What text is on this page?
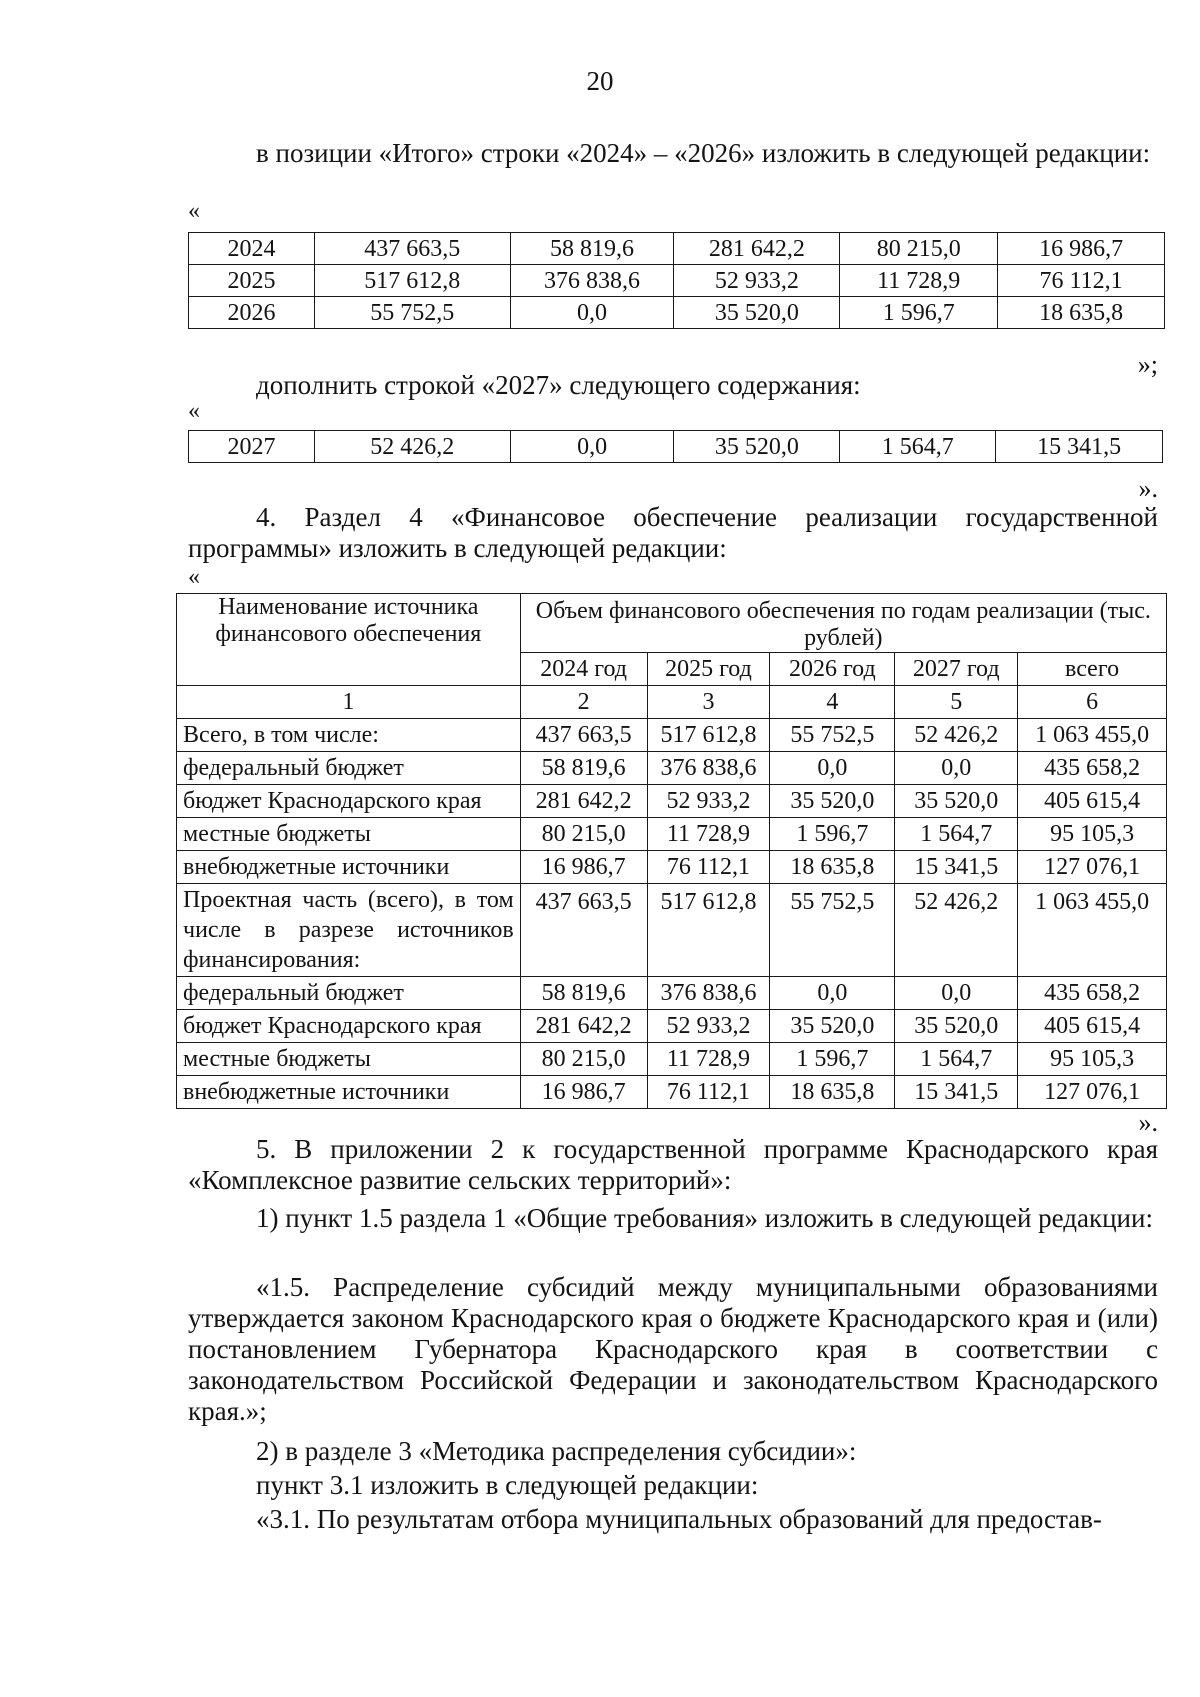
20
в позиции «Итого» строки «2024» – «2026» изложить в следующей редакции:
«
2024	437 663,5	58 819,6	281 642,2	80 215,0	16 986,7
2025	517 612,8	376 838,6	52 933,2	11 728,9	76 112,1
2026	55 752,5	0,0	35 520,0	1 596,7	18 635,8
»;
дополнить строкой «2027» следующего содержания:
«
2027	52 426,2	0,0	35 520,0	1 564,7	15 341,5
».
4. Раздел 4 «Финансовое обеспечение реализации государственной программы» изложить в следующей редакции:
«
Наименование источника финансового обеспечения	Объем финансового обеспечения по годам реализации (тыс. рублей)				
	2024 год	2025 год	2026 год	2027 год	всего
1	2	3	4	5	6
Всего, в том числе:	437 663,5	517 612,8	55 752,5	52 426,2	1 063 455,0
федеральный бюджет	58 819,6	376 838,6	0,0	0,0	435 658,2
бюджет Краснодарского края	281 642,2	52 933,2	35 520,0	35 520,0	405 615,4
местные бюджеты	80 215,0	11 728,9	1 596,7	1 564,7	95 105,3
внебюджетные источники	16 986,7	76 112,1	18 635,8	15 341,5	127 076,1
Проектная часть (всего), в том числе в разрезе источников финансирования:	437 663,5	517 612,8	55 752,5	52 426,2	1 063 455,0
федеральный бюджет	58 819,6	376 838,6	0,0	0,0	435 658,2
бюджет Краснодарского края	281 642,2	52 933,2	35 520,0	35 520,0	405 615,4
местные бюджеты	80 215,0	11 728,9	1 596,7	1 564,7	95 105,3
внебюджетные источники	16 986,7	76 112,1	18 635,8	15 341,5	127 076,1
».
5. В приложении 2 к государственной программе Краснодарского края «Комплексное развитие сельских территорий»:
1) пункт 1.5 раздела 1 «Общие требования» изложить в следующей редакции:
«1.5. Распределение субсидий между муниципальными образованиями утверждается законом Краснодарского края о бюджете Краснодарского края и (или) постановлением Губернатора Краснодарского края в соответствии с законодательством Российской Федерации и законодательством Краснодарского края.»;
2) в разделе 3 «Методика распределения субсидии»:
пункт 3.1 изложить в следующей редакции:
«3.1. По результатам отбора муниципальных образований для предостав-
